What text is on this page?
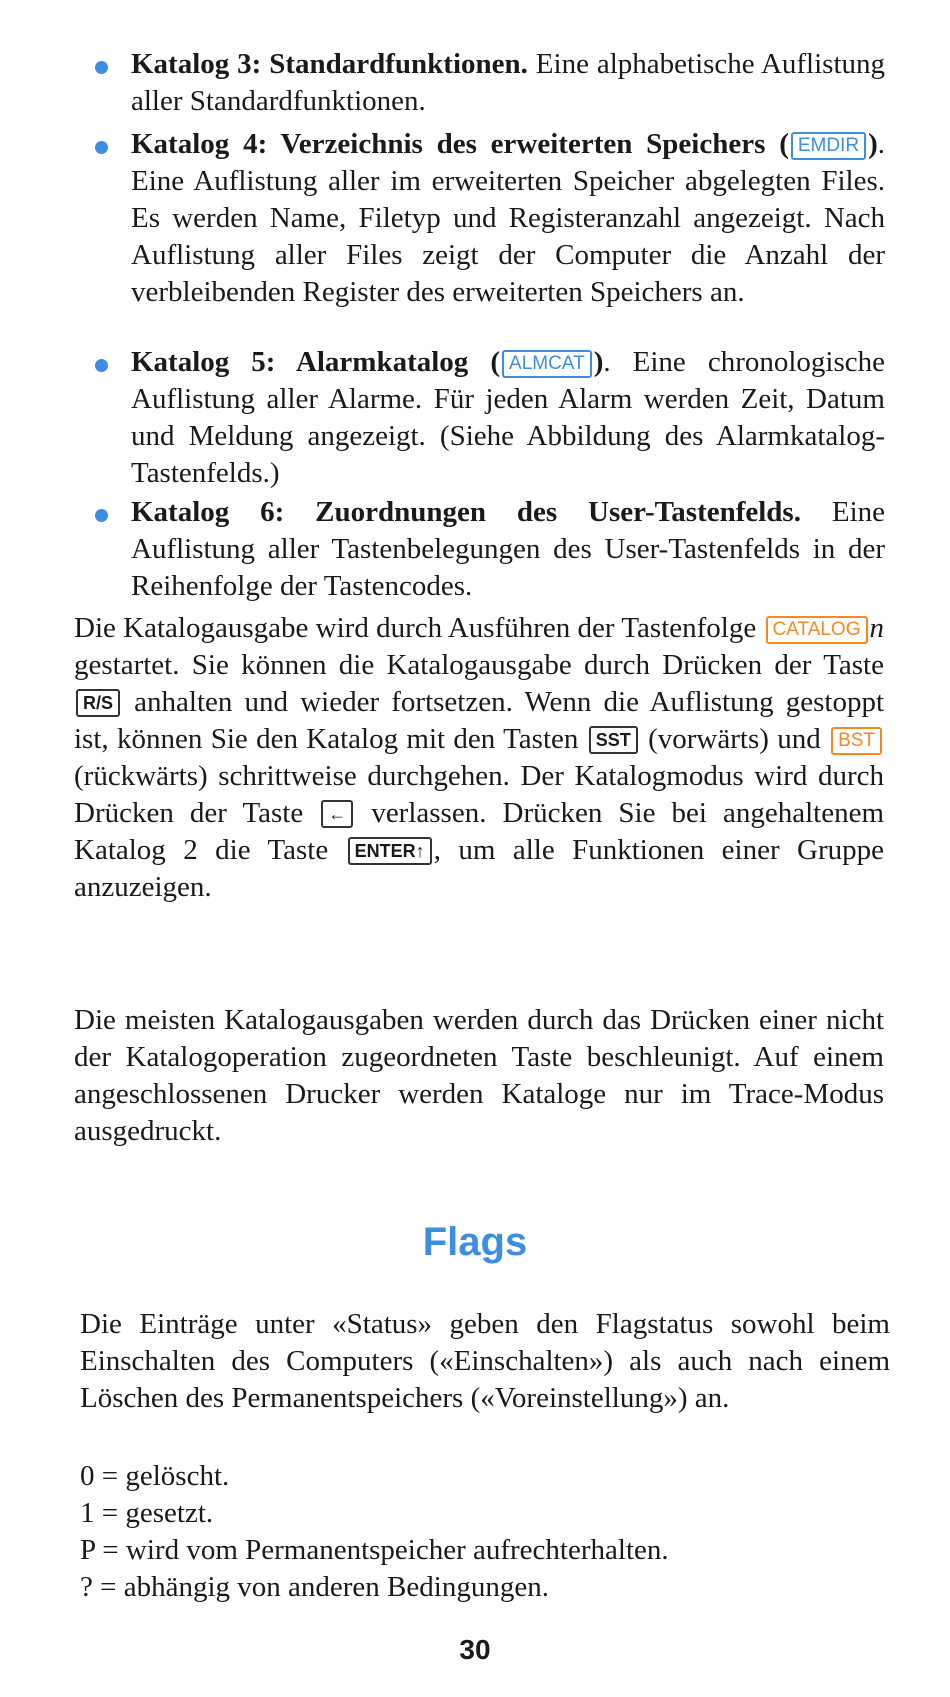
Katalog 3: Standardfunktionen. Eine alphabetische Auflistung aller Standardfunktionen.
Katalog 4: Verzeichnis des erweiterten Speichers ( EMDIR ). Eine Auflistung aller im erweiterten Speicher abgelegten Files. Es werden Name, Filetyp und Registeranzahl angezeigt. Nach Auflistung aller Files zeigt der Computer die Anzahl der verbleibenden Register des erweiterten Speichers an.
Katalog 5: Alarmkatalog ( ALMCAT ). Eine chronologische Auflistung aller Alarme. Für jeden Alarm werden Zeit, Datum und Meldung angezeigt. (Siehe Abbildung des Alarmkatalog-Tastenfelds.)
Katalog 6: Zuordnungen des User-Tastenfelds. Eine Auflistung aller Tastenbelegungen des User-Tastenfelds in der Reihenfolge der Tastencodes.
Die Katalogausgabe wird durch Ausführen der Tastenfolge CATALOG n gestartet. Sie können die Katalogausgabe durch Drücken der Taste R/S anhalten und wieder fortsetzen. Wenn die Auflistung gestoppt ist, können Sie den Katalog mit den Tasten SST (vorwärts) und BST (rückwärts) schrittweise durchgehen. Der Katalogmodus wird durch Drücken der Taste ← verlassen. Drücken Sie bei angehaltenem Katalog 2 die Taste ENTER↑ , um alle Funktionen einer Gruppe anzuzeigen.
Die meisten Katalogausgaben werden durch das Drücken einer nicht der Katalogoperation zugeordneten Taste beschleunigt. Auf einem angeschlossenen Drucker werden Kataloge nur im Trace-Modus ausgedruckt.
Flags
Die Einträge unter «Status» geben den Flagstatus sowohl beim Einschalten des Computers («Einschalten») als auch nach einem Löschen des Permanentspeichers («Voreinstellung») an.
0 = gelöscht.
1 = gesetzt.
P = wird vom Permanentspeicher aufrechterhalten.
? = abhängig von anderen Bedingungen.
30
